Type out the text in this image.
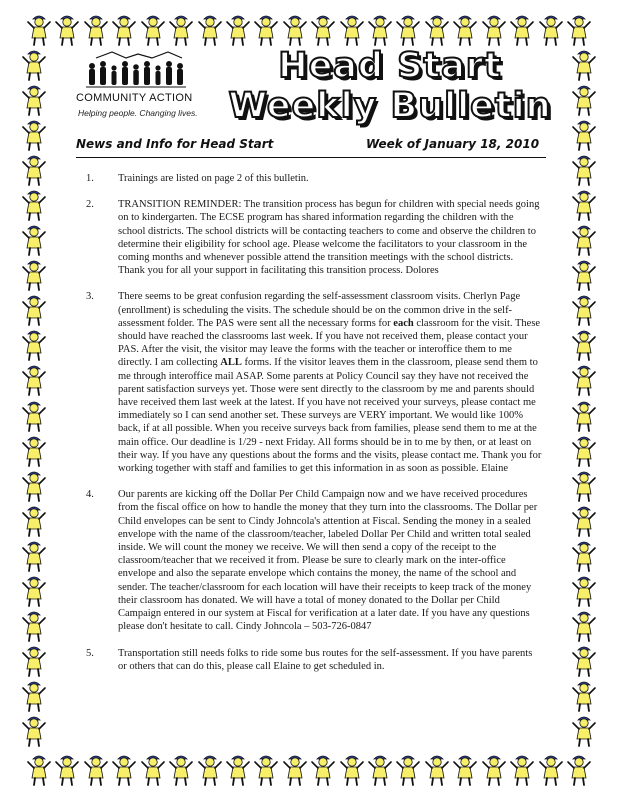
COMMUNITY ACTION
Helping people. Changing lives.
Head Start
Weekly Bulletin
News and Info for Head Start	Week of January 18, 2010
1. Trainings are listed on page 2 of this bulletin.
2. TRANSITION REMINDER: The transition process has begun for children with special needs going on to kindergarten. The ECSE program has shared information regarding the children with the school districts. The school districts will be contacting teachers to come and observe the children to determine their eligibility for school age. Please welcome the facilitators to your classroom in the coming months and whenever possible attend the transition meetings with the school districts. Thank you for all your support in facilitating this transition process. Dolores
3. There seems to be great confusion regarding the self-assessment classroom visits. Cherlyn Page (enrollment) is scheduling the visits. The schedule should be on the common drive in the self-assessment folder. The PAS were sent all the necessary forms for each classroom for the visit. These should have reached the classrooms last week. If you have not received them, please contact your PAS. After the visit, the visitor may leave the forms with the teacher or interoffice them to me directly. I am collecting ALL forms. If the visitor leaves them in the classroom, please send them to me through interoffice mail ASAP. Some parents at Policy Council say they have not received the parent satisfaction surveys yet. Those were sent directly to the classroom by me and parents should have received them last week at the latest. If you have not received your surveys, please contact me immediately so I can send another set. These surveys are VERY important. We would like 100% back, if at all possible. When you receive surveys back from families, please send them to me at the main office. Our deadline is 1/29 - next Friday. All forms should be in to me by then, or at least on their way. If you have any questions about the forms and the visits, please contact me. Thank you for working together with staff and families to get this information in as soon as possible. Elaine
4. Our parents are kicking off the Dollar Per Child Campaign now and we have received procedures from the fiscal office on how to handle the money that they turn into the classrooms. The Dollar per Child envelopes can be sent to Cindy Johncola's attention at Fiscal. Sending the money in a sealed envelope with the name of the classroom/teacher, labeled Dollar Per Child and written total sealed inside. We will count the money we receive. We will then send a copy of the receipt to the classroom/teacher that we received it from. Please be sure to clearly mark on the inter-office envelope and also the separate envelope which contains the money, the name of the school and sender. The teacher/classroom for each location will have their receipts to keep track of the money their classroom has donated. We will have a total of money donated to the Dollar per Child Campaign entered in our system at Fiscal for verification at a later date. If you have any questions please don't hesitate to call. Cindy Johncola – 503-726-0847
5. Transportation still needs folks to ride some bus routes for the self-assessment. If you have parents or others that can do this, please call Elaine to get scheduled in.
